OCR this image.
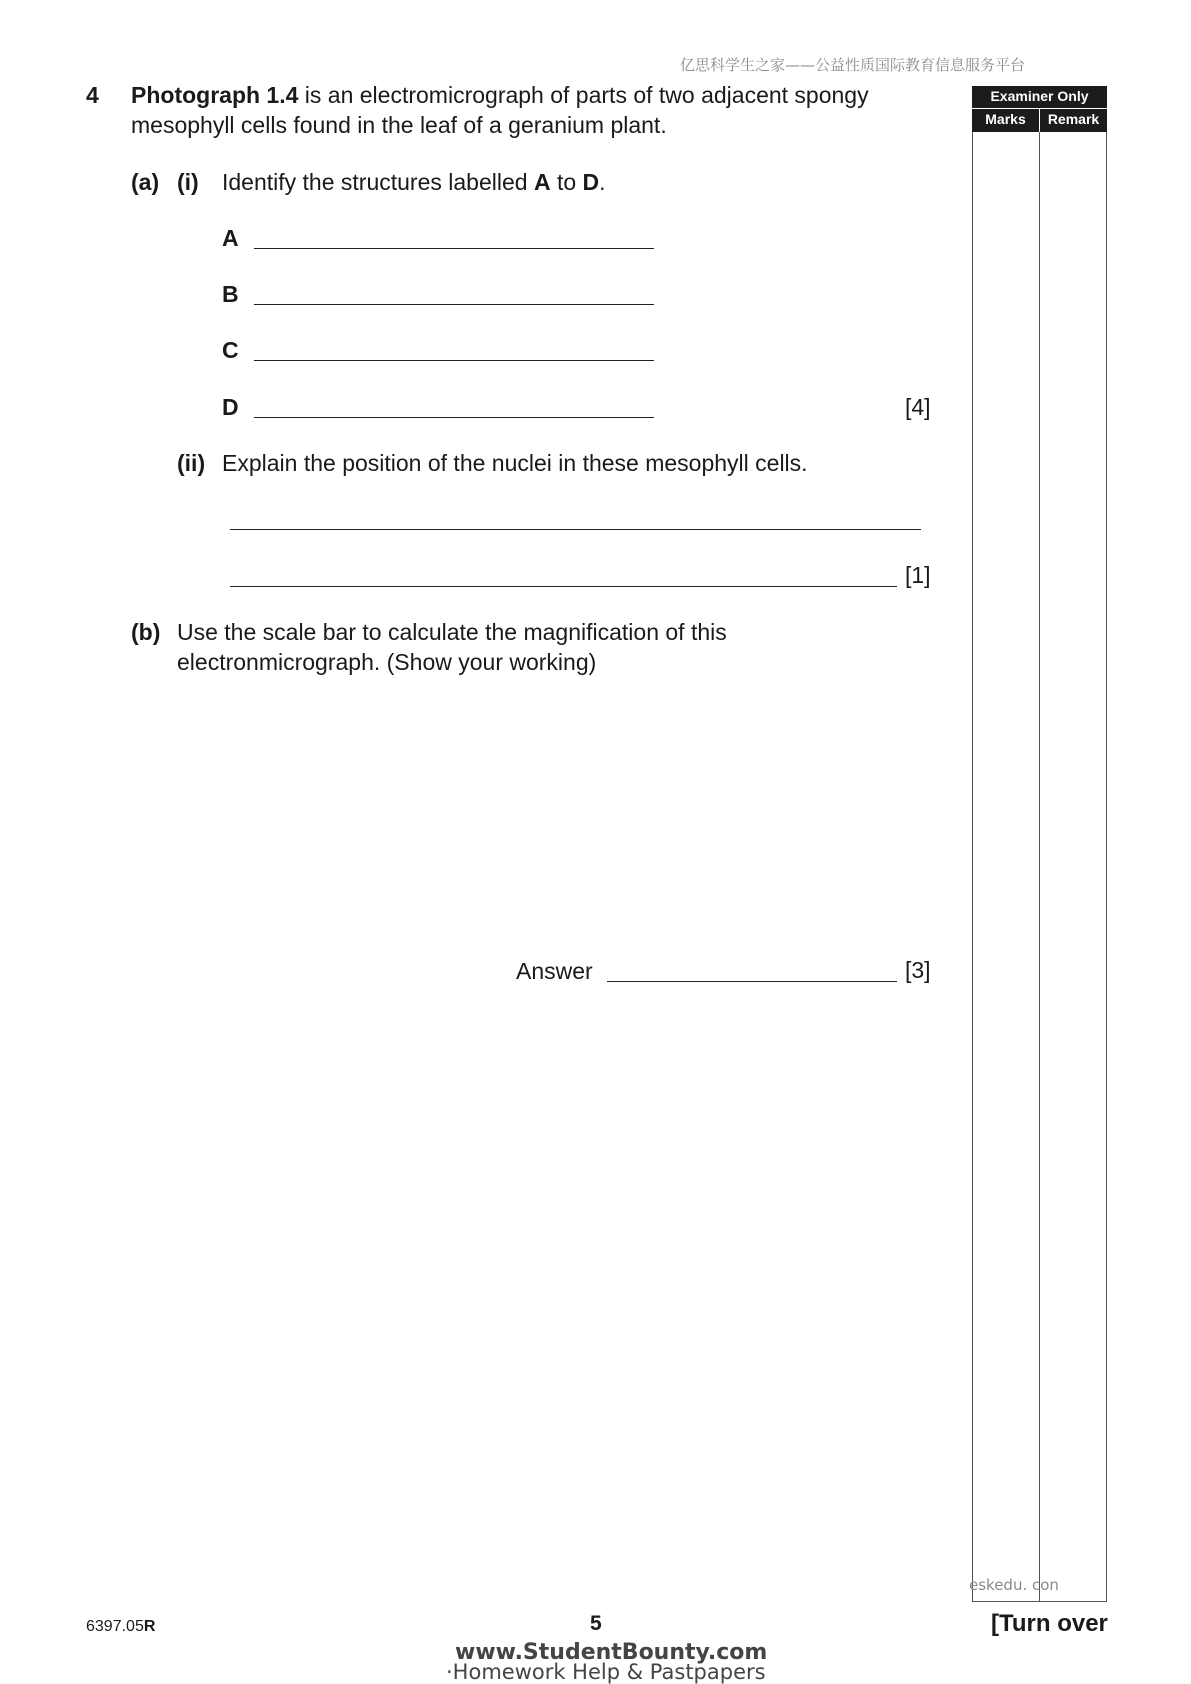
亿思科学生之家——公益性质国际教育信息服务平台
4 Photograph 1.4 is an electromicrograph of parts of two adjacent spongy
mesophyll cells found in the leaf of a geranium plant.
(a) (i) Identify the structures labelled A to D.
A
B
C
D	[4]
(ii) Explain the position of the nuclei in these mesophyll cells.
[1]
(b) Use the scale bar to calculate the magnification of this
electronmicrograph. (Show your working)
Answer	[3]
Examiner Only
Marks	Remark
eskedu. con
6397.05R	5	[Turn over
www.StudentBounty.com
·Homework Help & Pastpapers
